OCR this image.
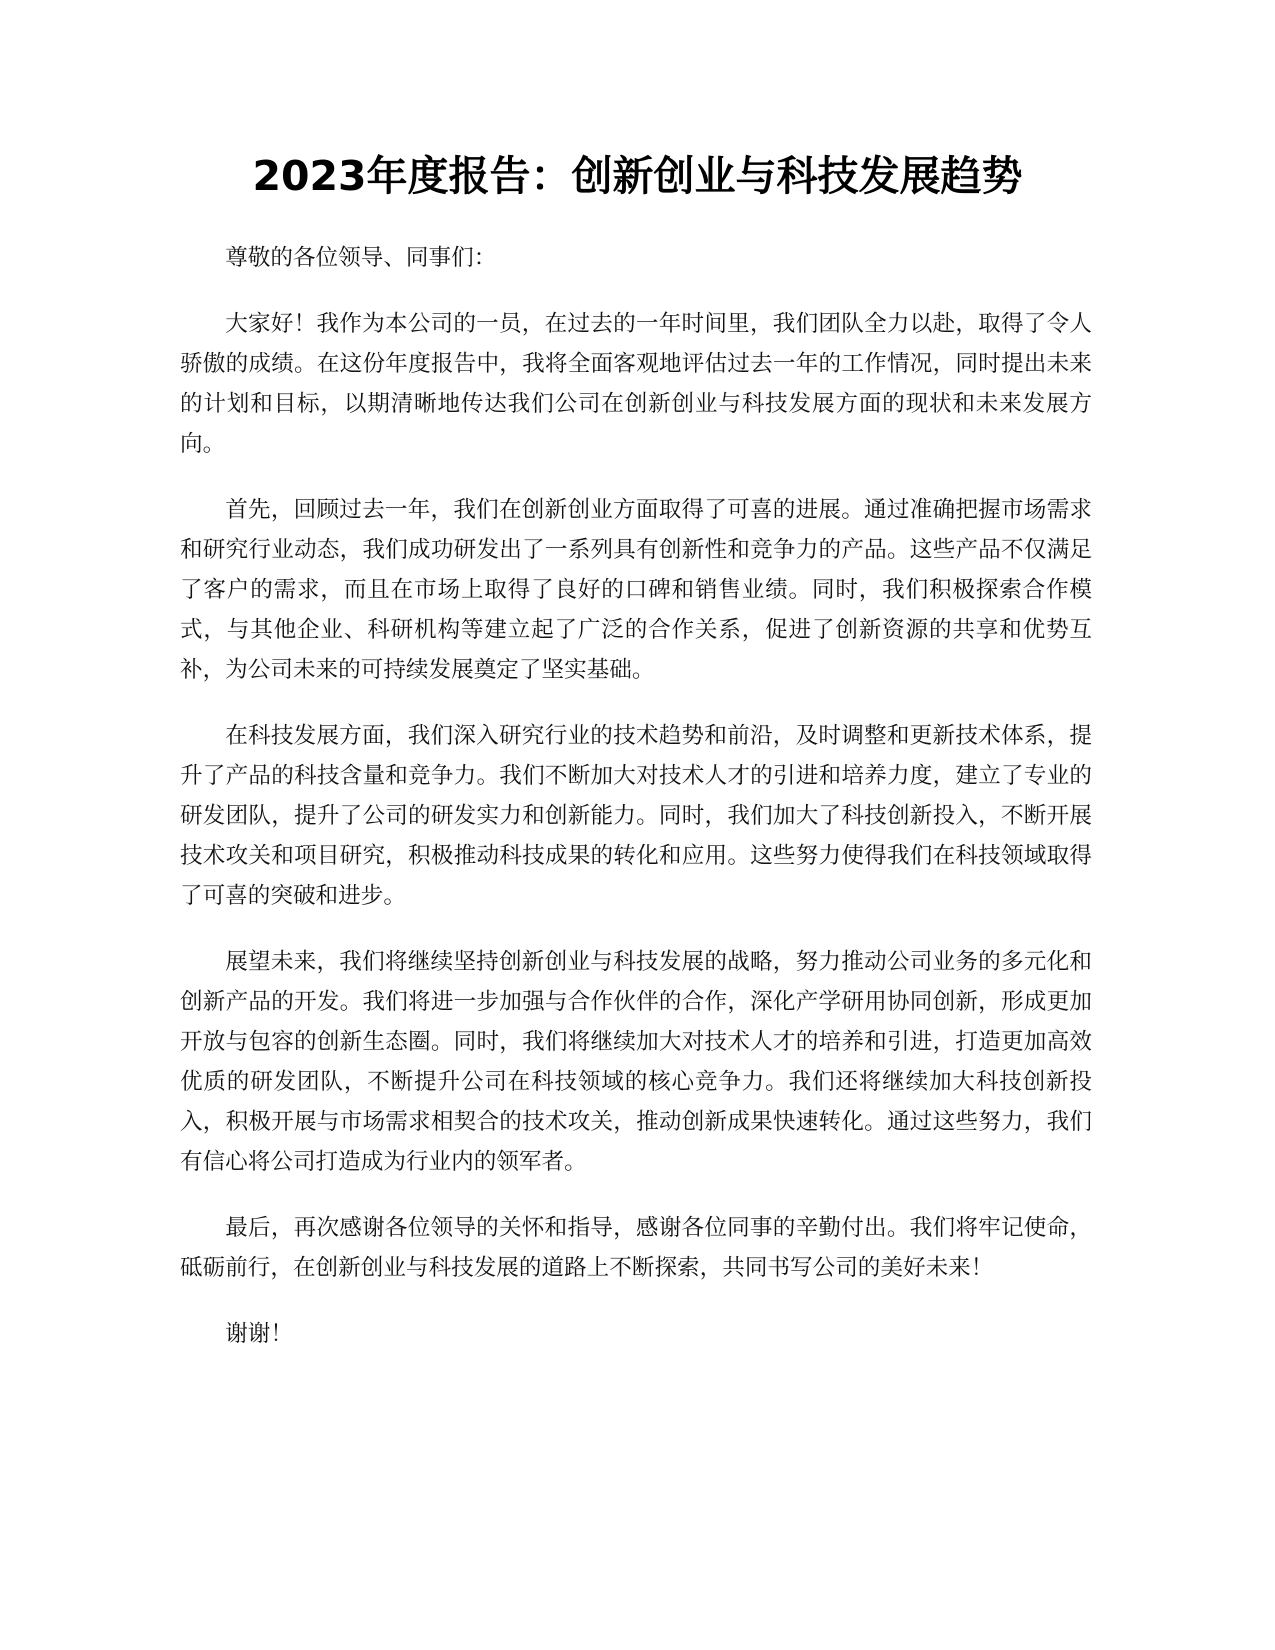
2023年度报告：创新创业与科技发展趋势

尊敬的各位领导、同事们：

大家好！我作为本公司的一员，在过去的一年时间里，我们团队全力以赴，取得了令人骄傲的成绩。在这份年度报告中，我将全面客观地评估过去一年的工作情况，同时提出未来的计划和目标，以期清晰地传达我们公司在创新创业与科技发展方面的现状和未来发展方向。

首先，回顾过去一年，我们在创新创业方面取得了可喜的进展。通过准确把握市场需求和研究行业动态，我们成功研发出了一系列具有创新性和竞争力的产品。这些产品不仅满足了客户的需求，而且在市场上取得了良好的口碑和销售业绩。同时，我们积极探索合作模式，与其他企业、科研机构等建立起了广泛的合作关系，促进了创新资源的共享和优势互补，为公司未来的可持续发展奠定了坚实基础。

在科技发展方面，我们深入研究行业的技术趋势和前沿，及时调整和更新技术体系，提升了产品的科技含量和竞争力。我们不断加大对技术人才的引进和培养力度，建立了专业的研发团队，提升了公司的研发实力和创新能力。同时，我们加大了科技创新投入，不断开展技术攻关和项目研究，积极推动科技成果的转化和应用。这些努力使得我们在科技领域取得了可喜的突破和进步。

展望未来，我们将继续坚持创新创业与科技发展的战略，努力推动公司业务的多元化和创新产品的开发。我们将进一步加强与合作伙伴的合作，深化产学研用协同创新，形成更加开放与包容的创新生态圈。同时，我们将继续加大对技术人才的培养和引进，打造更加高效优质的研发团队，不断提升公司在科技领域的核心竞争力。我们还将继续加大科技创新投入，积极开展与市场需求相契合的技术攻关，推动创新成果快速转化。通过这些努力，我们有信心将公司打造成为行业内的领军者。

最后，再次感谢各位领导的关怀和指导，感谢各位同事的辛勤付出。我们将牢记使命，砥砺前行，在创新创业与科技发展的道路上不断探索，共同书写公司的美好未来！

谢谢！
